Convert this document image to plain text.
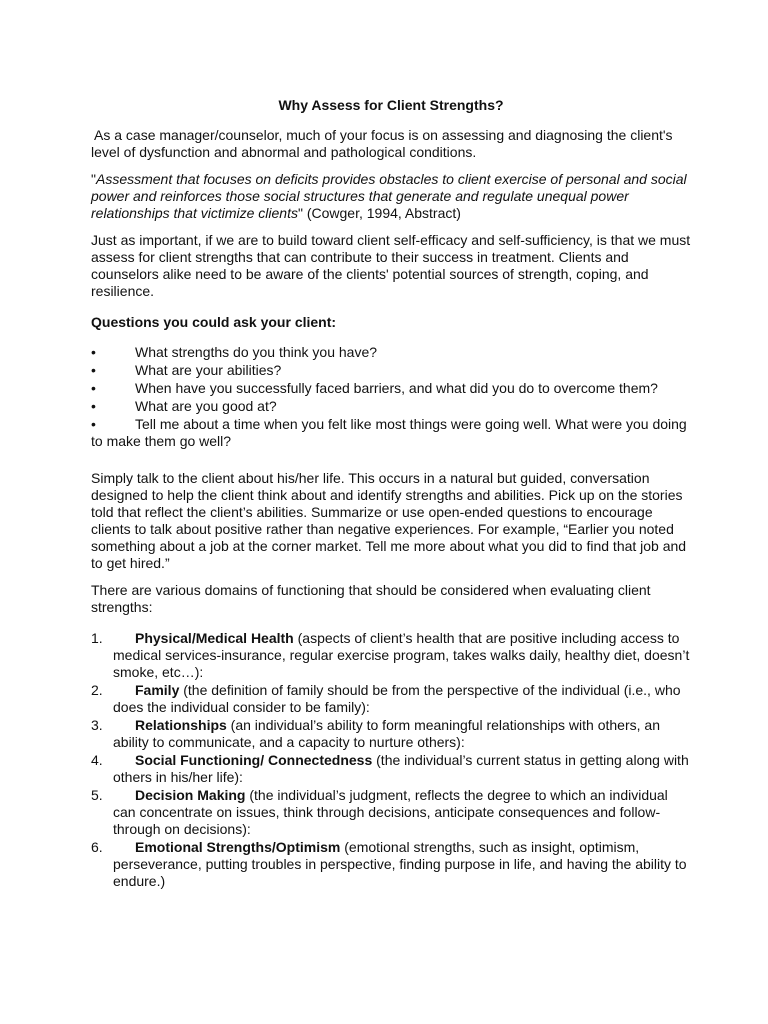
Why Assess for Client Strengths?

As a case manager/counselor, much of your focus is on assessing and diagnosing the client's level of dysfunction and abnormal and pathological conditions.

"Assessment that focuses on deficits provides obstacles to client exercise of personal and social power and reinforces those social structures that generate and regulate unequal power relationships that victimize clients" (Cowger, 1994, Abstract)

Just as important, if we are to build toward client self-efficacy and self-sufficiency, is that we must assess for client strengths that can contribute to their success in treatment. Clients and counselors alike need to be aware of the clients' potential sources of strength, coping, and resilience.

Questions you could ask your client:
•	What strengths do you think you have?
•	What are your abilities?
•	When have you successfully faced barriers, and what did you do to overcome them?
•	What are you good at?
•	Tell me about a time when you felt like most things were going well. What were you doing to make them go well?

Simply talk to the client about his/her life. This occurs in a natural but guided, conversation designed to help the client think about and identify strengths and abilities. Pick up on the stories told that reflect the client’s abilities. Summarize or use open-ended questions to encourage clients to talk about positive rather than negative experiences. For example, “Earlier you noted something about a job at the corner market. Tell me more about what you did to find that job and to get hired.”

There are various domains of functioning that should be considered when evaluating client strengths:

1. Physical/Medical Health (aspects of client’s health that are positive including access to medical services-insurance, regular exercise program, takes walks daily, healthy diet, doesn’t smoke, etc…):
2. Family (the definition of family should be from the perspective of the individual (i.e., who does the individual consider to be family):
3. Relationships (an individual’s ability to form meaningful relationships with others, an ability to communicate, and a capacity to nurture others):
4. Social Functioning/ Connectedness (the individual’s current status in getting along with others in his/her life):
5. Decision Making (the individual’s judgment, reflects the degree to which an individual can concentrate on issues, think through decisions, anticipate consequences and follow-through on decisions):
6. Emotional Strengths/Optimism (emotional strengths, such as insight, optimism, perseverance, putting troubles in perspective, finding purpose in life, and having the ability to endure.)
